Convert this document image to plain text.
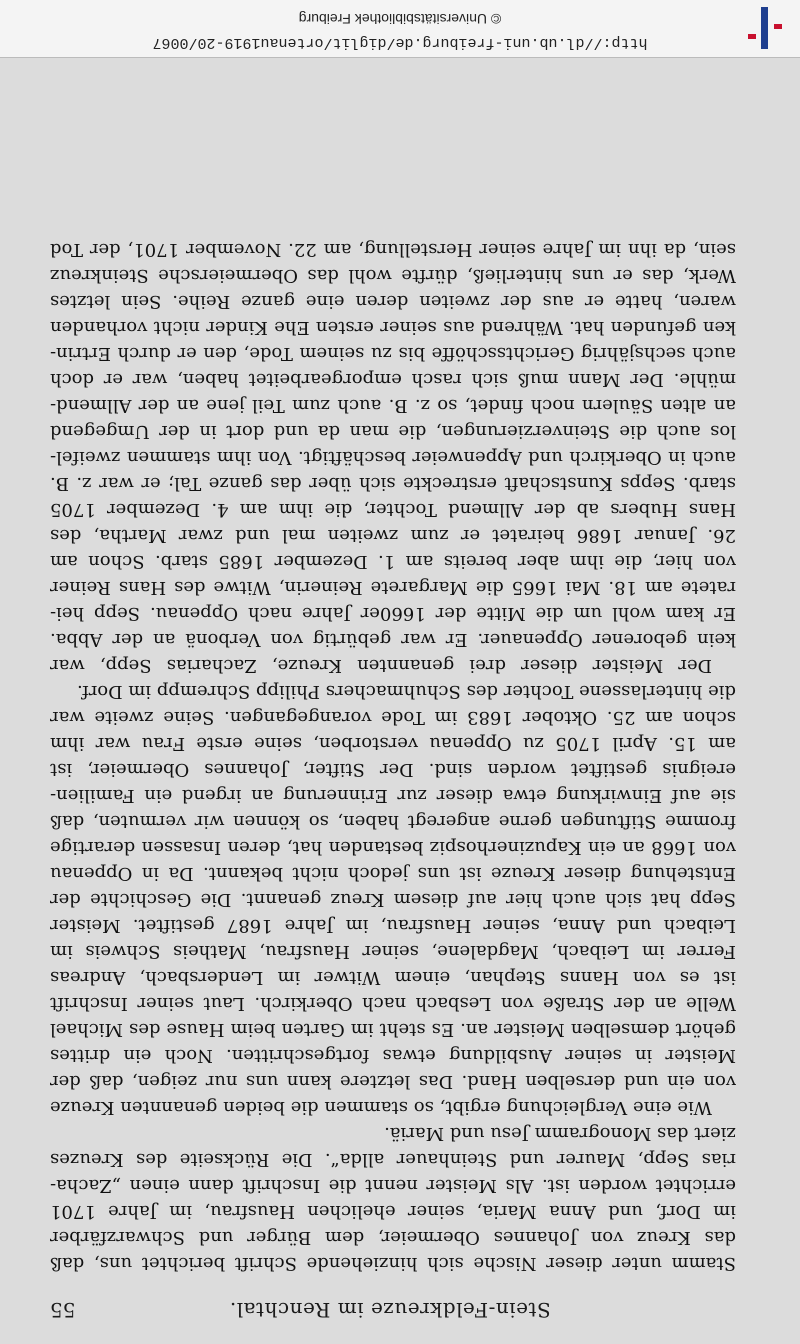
Stein-Feldkreuze im Renchtal.
55
Stamm unter dieser Nische sich hinziehende Schrift berichtet uns, daß
das Kreuz von Johannes Obermeier, dem Bürger und Schwarzfärber
im Dorf, und Anna Maria, seiner ehelichen Hausfrau, im Jahre 1701
errichtet worden ist. Als Meister nennt die Inschrift dann einen „Zacha-
rias Sepp, Maurer und Steinhauer allda“. Die Rückseite des Kreuzes
ziert das Monogramm Jesu und Mariä.
Wie eine Vergleichung ergibt, so stammen die beiden genannten Kreuze
von ein und derselben Hand. Das letztere kann uns nur zeigen, daß der
Meister in seiner Ausbildung etwas fortgeschritten. Noch ein drittes
gehört demselben Meister an. Es steht im Garten beim Hause des Michael
Welle an der Straße von Lesbach nach Oberkirch. Laut seiner Inschrift
ist es von Hanns Stephan, einem Witwer im Lendersbach, Andreas
Ferrer im Leibach, Magdalene, seiner Hausfrau, Matheis Schweis im
Leibach und Anna, seiner Hausfrau, im Jahre 1687 gestiftet. Meister
Sepp hat sich auch hier auf diesem Kreuz genannt. Die Geschichte der
Entstehung dieser Kreuze ist uns jedoch nicht bekannt. Da in Oppenau
von 1668 an ein Kapuzinerhospiz bestanden hat, deren Insassen derartige
fromme Stiftungen gerne angeregt haben, so können wir vermuten, daß
sie auf Einwirkung etwa dieser zur Erinnerung an irgend ein Familien-
ereignis gestiftet worden sind. Der Stifter, Johannes Obermeier, ist
am 15. April 1705 zu Oppenau verstorben, seine erste Frau war ihm
schon am 25. Oktober 1683 im Tode vorangegangen. Seine zweite war
die hinterlassene Tochter des Schuhmachers Philipp Schrempp im Dorf.
Der Meister dieser drei genannten Kreuze, Zacharias Sepp, war
kein geborener Oppenauer. Er war gebürtig von Verbonä an der Abba.
Er kam wohl um die Mitte der 1660er Jahre nach Oppenau. Sepp hei-
ratete am 18. Mai 1665 die Margarete Reinerin, Witwe des Hans Reiner
von hier, die ihm aber bereits am 1. Dezember 1685 starb. Schon am
26. Januar 1686 heiratet er zum zweiten mal und zwar Martha, des
Hans Hubers ab der Allmend Tochter, die ihm am 4. Dezember 1705
starb. Sepps Kunstschaft erstreckte sich über das ganze Tal; er war z. B.
auch in Oberkirch und Appenweier beschäftigt. Von ihm stammen zweifel-
los auch die Steinverzierungen, die man da und dort in der Umgegend
an alten Säulern noch findet, so z. B. auch zum Teil jene an der Allmend-
mühle. Der Mann muß sich rasch emporgearbeitet haben, war er doch
auch sechsjährig Gerichtsschöffe bis zu seinem Tode, den er durch Ertrin-
ken gefunden hat. Während aus seiner ersten Ehe Kinder nicht vorhanden
waren, hatte er aus der zweiten deren eine ganze Reihe. Sein letztes
Werk, das er uns hinterließ, dürfte wohl das Obermeiersche Steinkreuz
sein, da ihn im Jahre seiner Herstellung, am 22. November 1701, der Tod
http://dl.ub.uni-freiburg.de/diglit/ortenau1919-20/0067
© Universitätsbibliothek Freiburg
